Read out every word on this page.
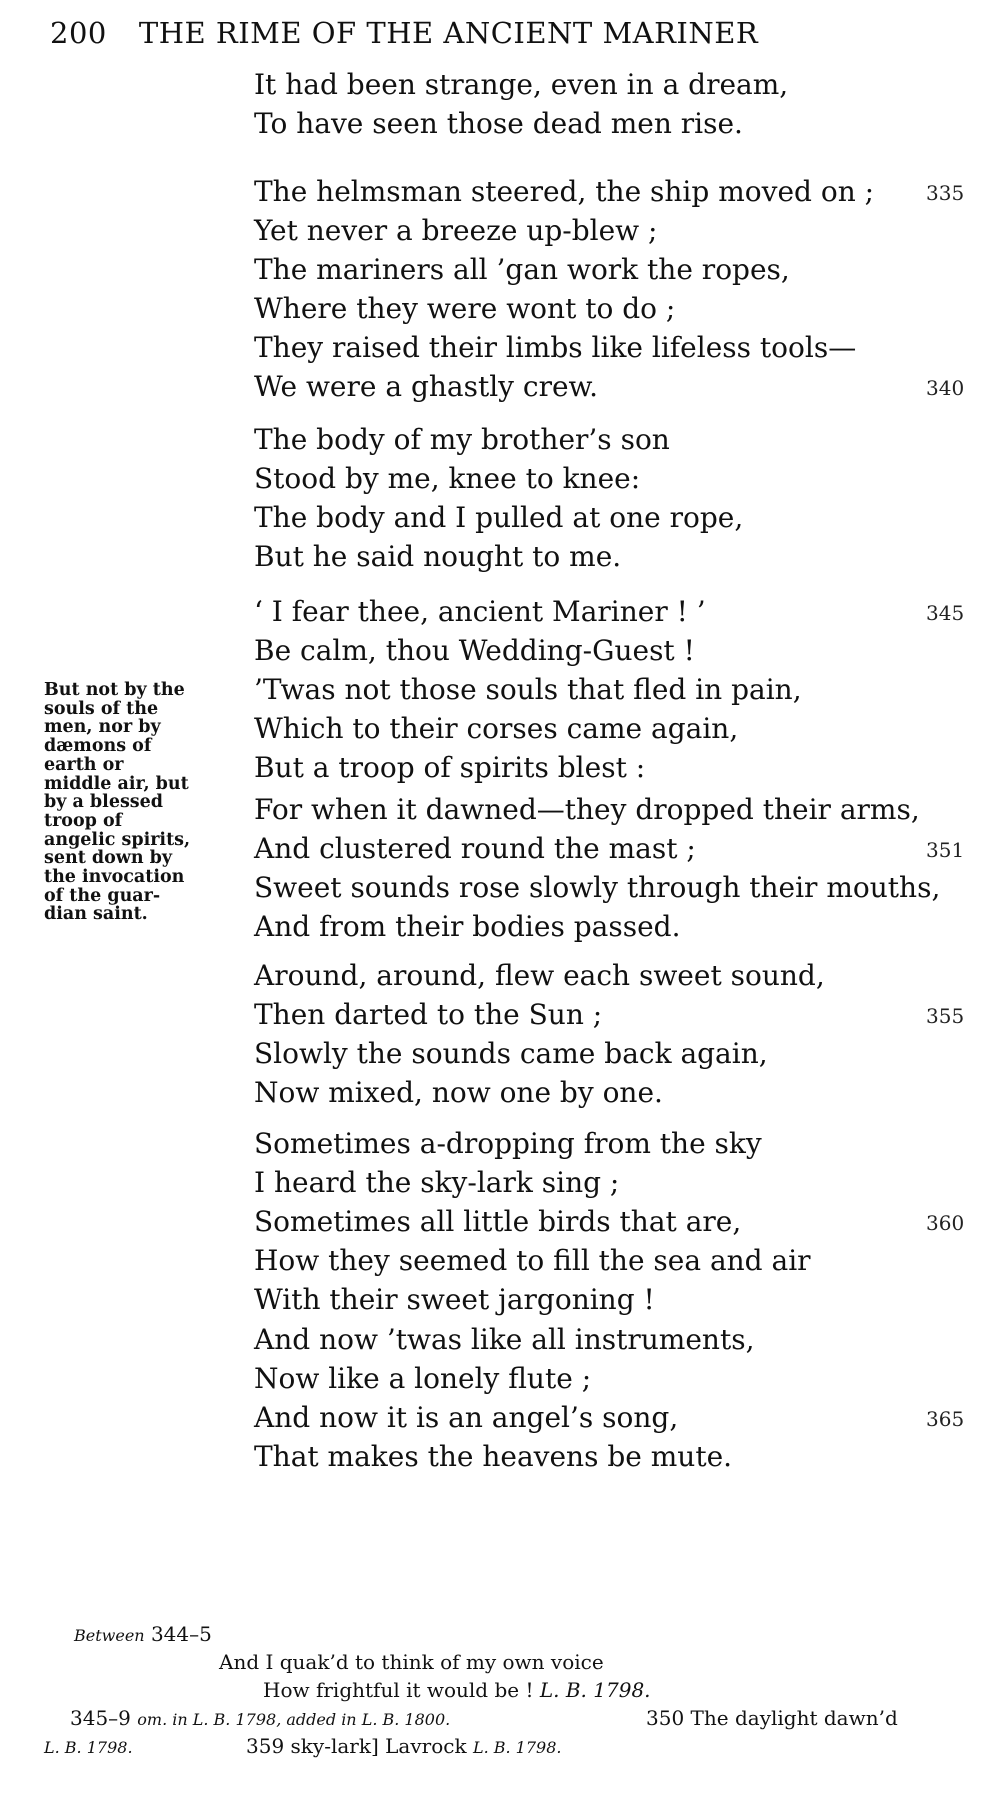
200 THE RIME OF THE ANCIENT MARINER
It had been strange, even in a dream,
To have seen those dead men rise.
The helmsman steered, the ship moved on ;	335
Yet never a breeze up-blew ;
The mariners all ’gan work the ropes,
Where they were wont to do ;
They raised their limbs like lifeless tools—
We were a ghastly crew.	340
The body of my brother’s son
Stood by me, knee to knee:
The body and I pulled at one rope,
But he said nought to me.
‘ I fear thee, ancient Mariner ! ’	345
Be calm, thou Wedding-Guest !
’Twas not those souls that fled in pain,
Which to their corses came again,
But a troop of spirits blest :
For when it dawned—they dropped their arms,
And clustered round the mast ;	351
Sweet sounds rose slowly through their mouths,
And from their bodies passed.
Around, around, flew each sweet sound,
Then darted to the Sun ;	355
Slowly the sounds came back again,
Now mixed, now one by one.
Sometimes a-dropping from the sky
I heard the sky-lark sing ;
Sometimes all little birds that are,	360
How they seemed to fill the sea and air
With their sweet jargoning !
And now ’twas like all instruments,
Now like a lonely flute ;
And now it is an angel’s song,	365
That makes the heavens be mute.
But not by the
souls of the
men, nor by
dæmons of
earth or
middle air, but
by a blessed
troop of
angelic spirits,
sent down by
the invocation
of the guar-
dian saint.
Between 344–5
And I quak’d to think of my own voice
How frightful it would be ! L. B. 1798.
345–9 om. in L. B. 1798, added in L. B. 1800.	350 The daylight dawn’d
L. B. 1798.	359 sky-lark] Lavrock L. B. 1798.
